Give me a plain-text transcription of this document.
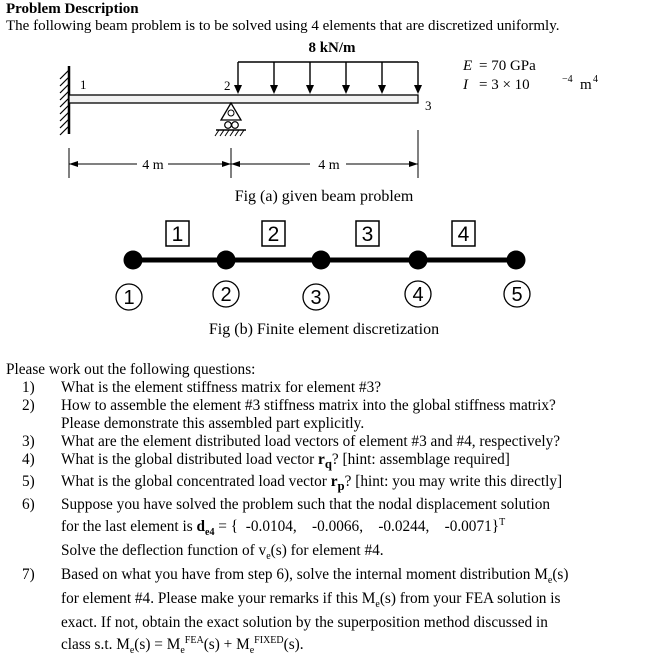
Problem Description
The following beam problem is to be solved using 4 elements that are discretized uniformly.
8 kN/m
1	2
3
4 m	4 m
E = 70 GPa
I = 3 × 10	−4 m 4
Fig (a) given beam problem
1	2	3	4
1	2	3	4	5
Fig (b) Finite element discretization
Please work out the following questions:
1) What is the element stiffness matrix for element #3?
2) How to assemble the element #3 stiffness matrix into the global stiffness matrix?
Please demonstrate this assembled part explicitly.
3) What are the element distributed load vectors of element #3 and #4, respectively?
4) What is the global distributed load vector $r_q$? [hint: assemblage required]
5) What is the global concentrated load vector $r_p$? [hint: you may write this directly]
6) Suppose you have solved the problem such that the nodal displacement solution
for the last element is $d_{e4}$ = {  -0.0104,    -0.0066,    -0.0244,    -0.0071}$^T$
Solve the deflection function of $v_e(s)$ for element #4.
7) Based on what you have from step 6), solve the internal moment distribution $M_e(s)$
for element #4. Please make your remarks if this $M_e(s)$ from your FEA solution is
exact. If not, obtain the exact solution by the superposition method discussed in
class s.t. $M_e(s) = M_e^{FEA}(s) + M_e^{FIXED}(s)$.
